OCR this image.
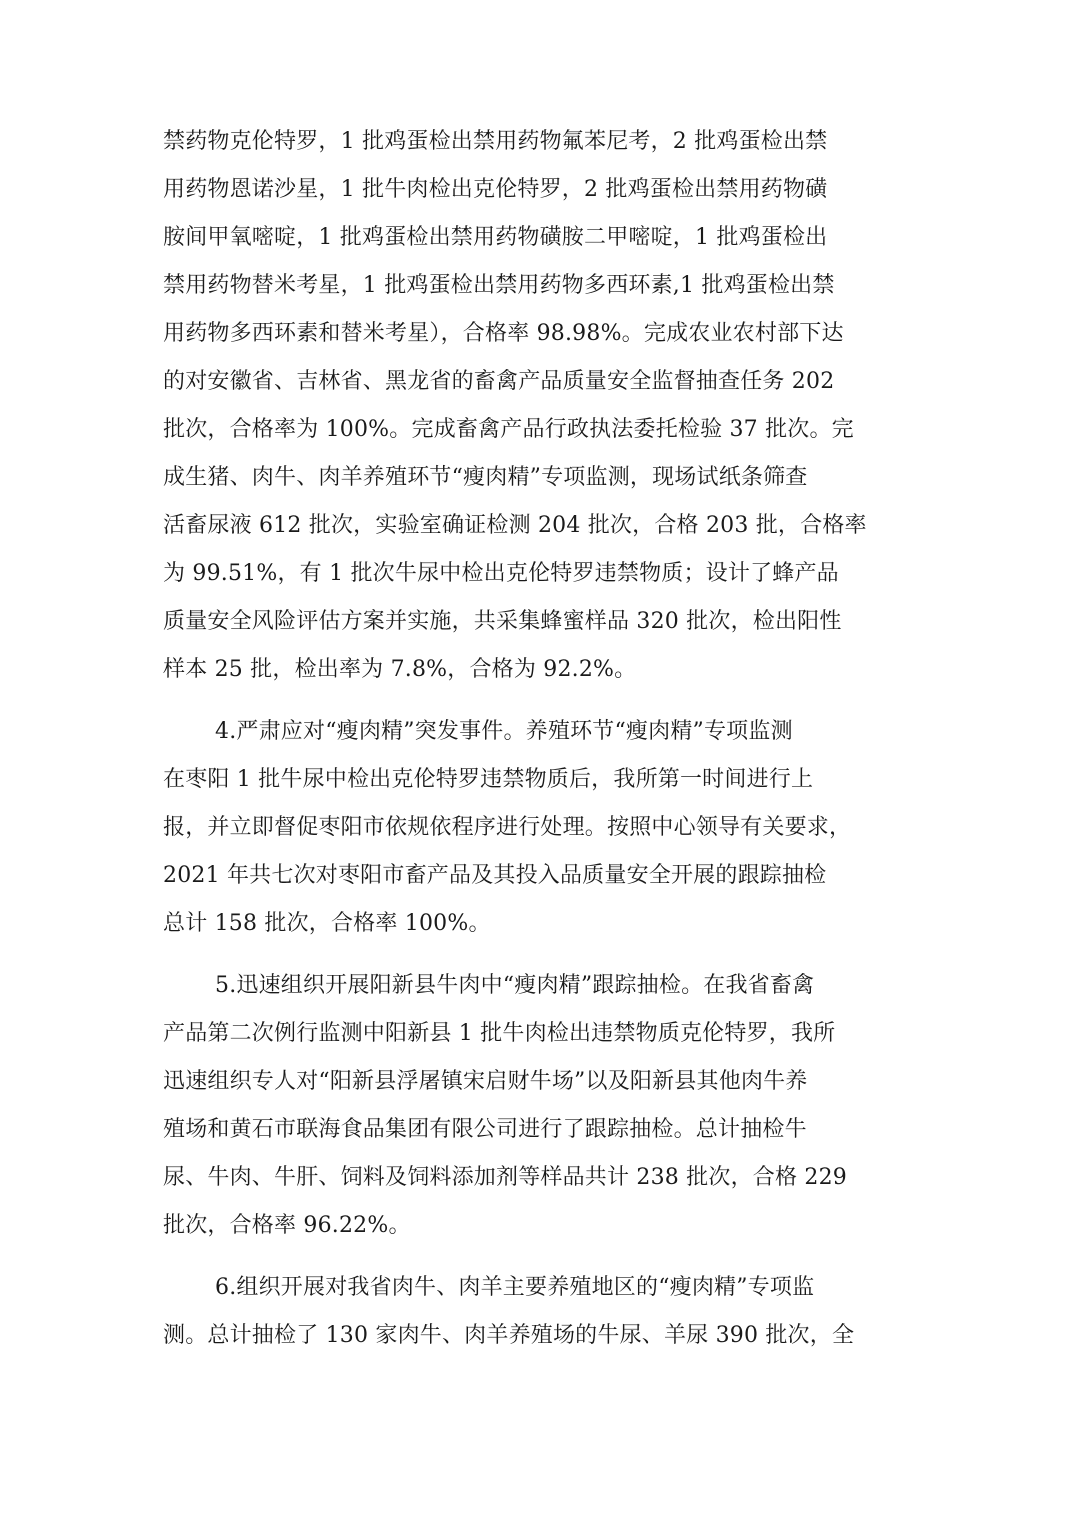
禁药物克伦特罗，1 批鸡蛋检出禁用药物氟苯尼考，2 批鸡蛋检出禁
用药物恩诺沙星，1 批牛肉检出克伦特罗，2 批鸡蛋检出禁用药物磺
胺间甲氧嘧啶，1 批鸡蛋检出禁用药物磺胺二甲嘧啶，1 批鸡蛋检出
禁用药物替米考星，1 批鸡蛋检出禁用药物多西环素,1 批鸡蛋检出禁
用药物多西环素和替米考星），合格率 98.98%。完成农业农村部下达
的对安徽省、吉林省、黑龙省的畜禽产品质量安全监督抽查任务 202
批次，合格率为 100%。完成畜禽产品行政执法委托检验 37 批次。完
成生猪、肉牛、肉羊养殖环节“瘦肉精”专项监测，现场试纸条筛查
活畜尿液 612 批次，实验室确证检测 204 批次，合格 203 批，合格率
为 99.51%，有 1 批次牛尿中检出克伦特罗违禁物质；设计了蜂产品
质量安全风险评估方案并实施，共采集蜂蜜样品 320 批次，检出阳性
样本 25 批，检出率为 7.8%，合格为 92.2%。
4.严肃应对“瘦肉精”突发事件。养殖环节“瘦肉精”专项监测
在枣阳 1 批牛尿中检出克伦特罗违禁物质后，我所第一时间进行上
报，并立即督促枣阳市依规依程序进行处理。按照中心领导有关要求，
2021 年共七次对枣阳市畜产品及其投入品质量安全开展的跟踪抽检
总计 158 批次，合格率 100%。
5.迅速组织开展阳新县牛肉中“瘦肉精”跟踪抽检。在我省畜禽
产品第二次例行监测中阳新县 1 批牛肉检出违禁物质克伦特罗，我所
迅速组织专人对“阳新县浮屠镇宋启财牛场”以及阳新县其他肉牛养
殖场和黄石市联海食品集团有限公司进行了跟踪抽检。总计抽检牛
尿、牛肉、牛肝、饲料及饲料添加剂等样品共计 238 批次，合格 229
批次，合格率 96.22%。
6.组织开展对我省肉牛、肉羊主要养殖地区的“瘦肉精”专项监
测。总计抽检了 130 家肉牛、肉羊养殖场的牛尿、羊尿 390 批次，全
